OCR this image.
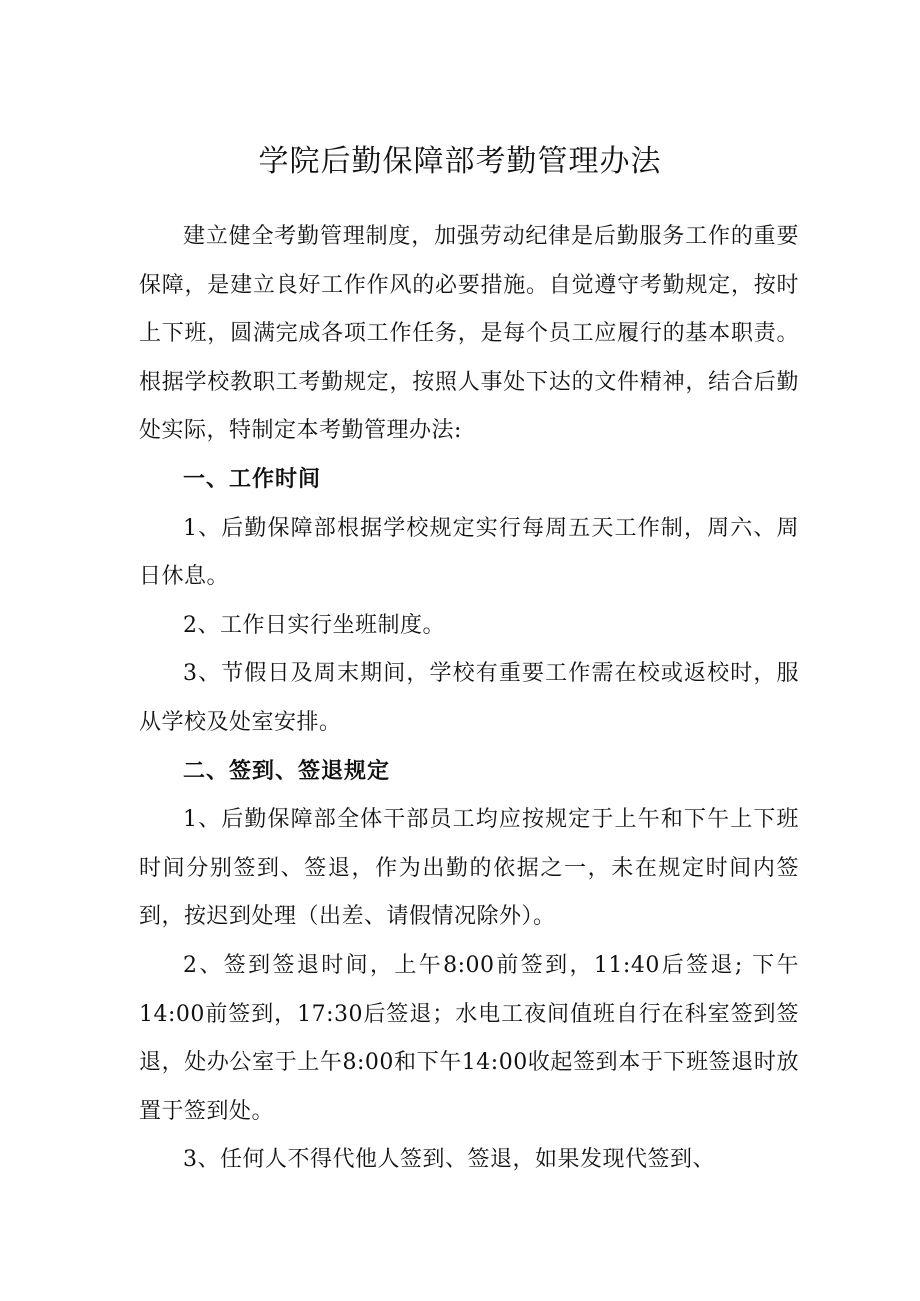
学院后勤保障部考勤管理办法

建立健全考勤管理制度，加强劳动纪律是后勤服务工作的重要保障，是建立良好工作作风的必要措施。自觉遵守考勤规定，按时上下班，圆满完成各项工作任务，是每个员工应履行的基本职责。根据学校教职工考勤规定，按照人事处下达的文件精神，结合后勤处实际，特制定本考勤管理办法:

一、工作时间

1、后勤保障部根据学校规定实行每周五天工作制，周六、周日休息。

2、工作日实行坐班制度。

3、节假日及周末期间，学校有重要工作需在校或返校时，服从学校及处室安排。

二、签到、签退规定

1、后勤保障部全体干部员工均应按规定于上午和下午上下班时间分别签到、签退，作为出勤的依据之一，未在规定时间内签到，按迟到处理（出差、请假情况除外）。

2、签到签退时间，上午8:00前签到，11:40后签退; 下午14:00前签到，17:30后签退；水电工夜间值班自行在科室签到签退，处办公室于上午8:00和下午14:00收起签到本于下班签退时放置于签到处。

3、任何人不得代他人签到、签退，如果发现代签到、
